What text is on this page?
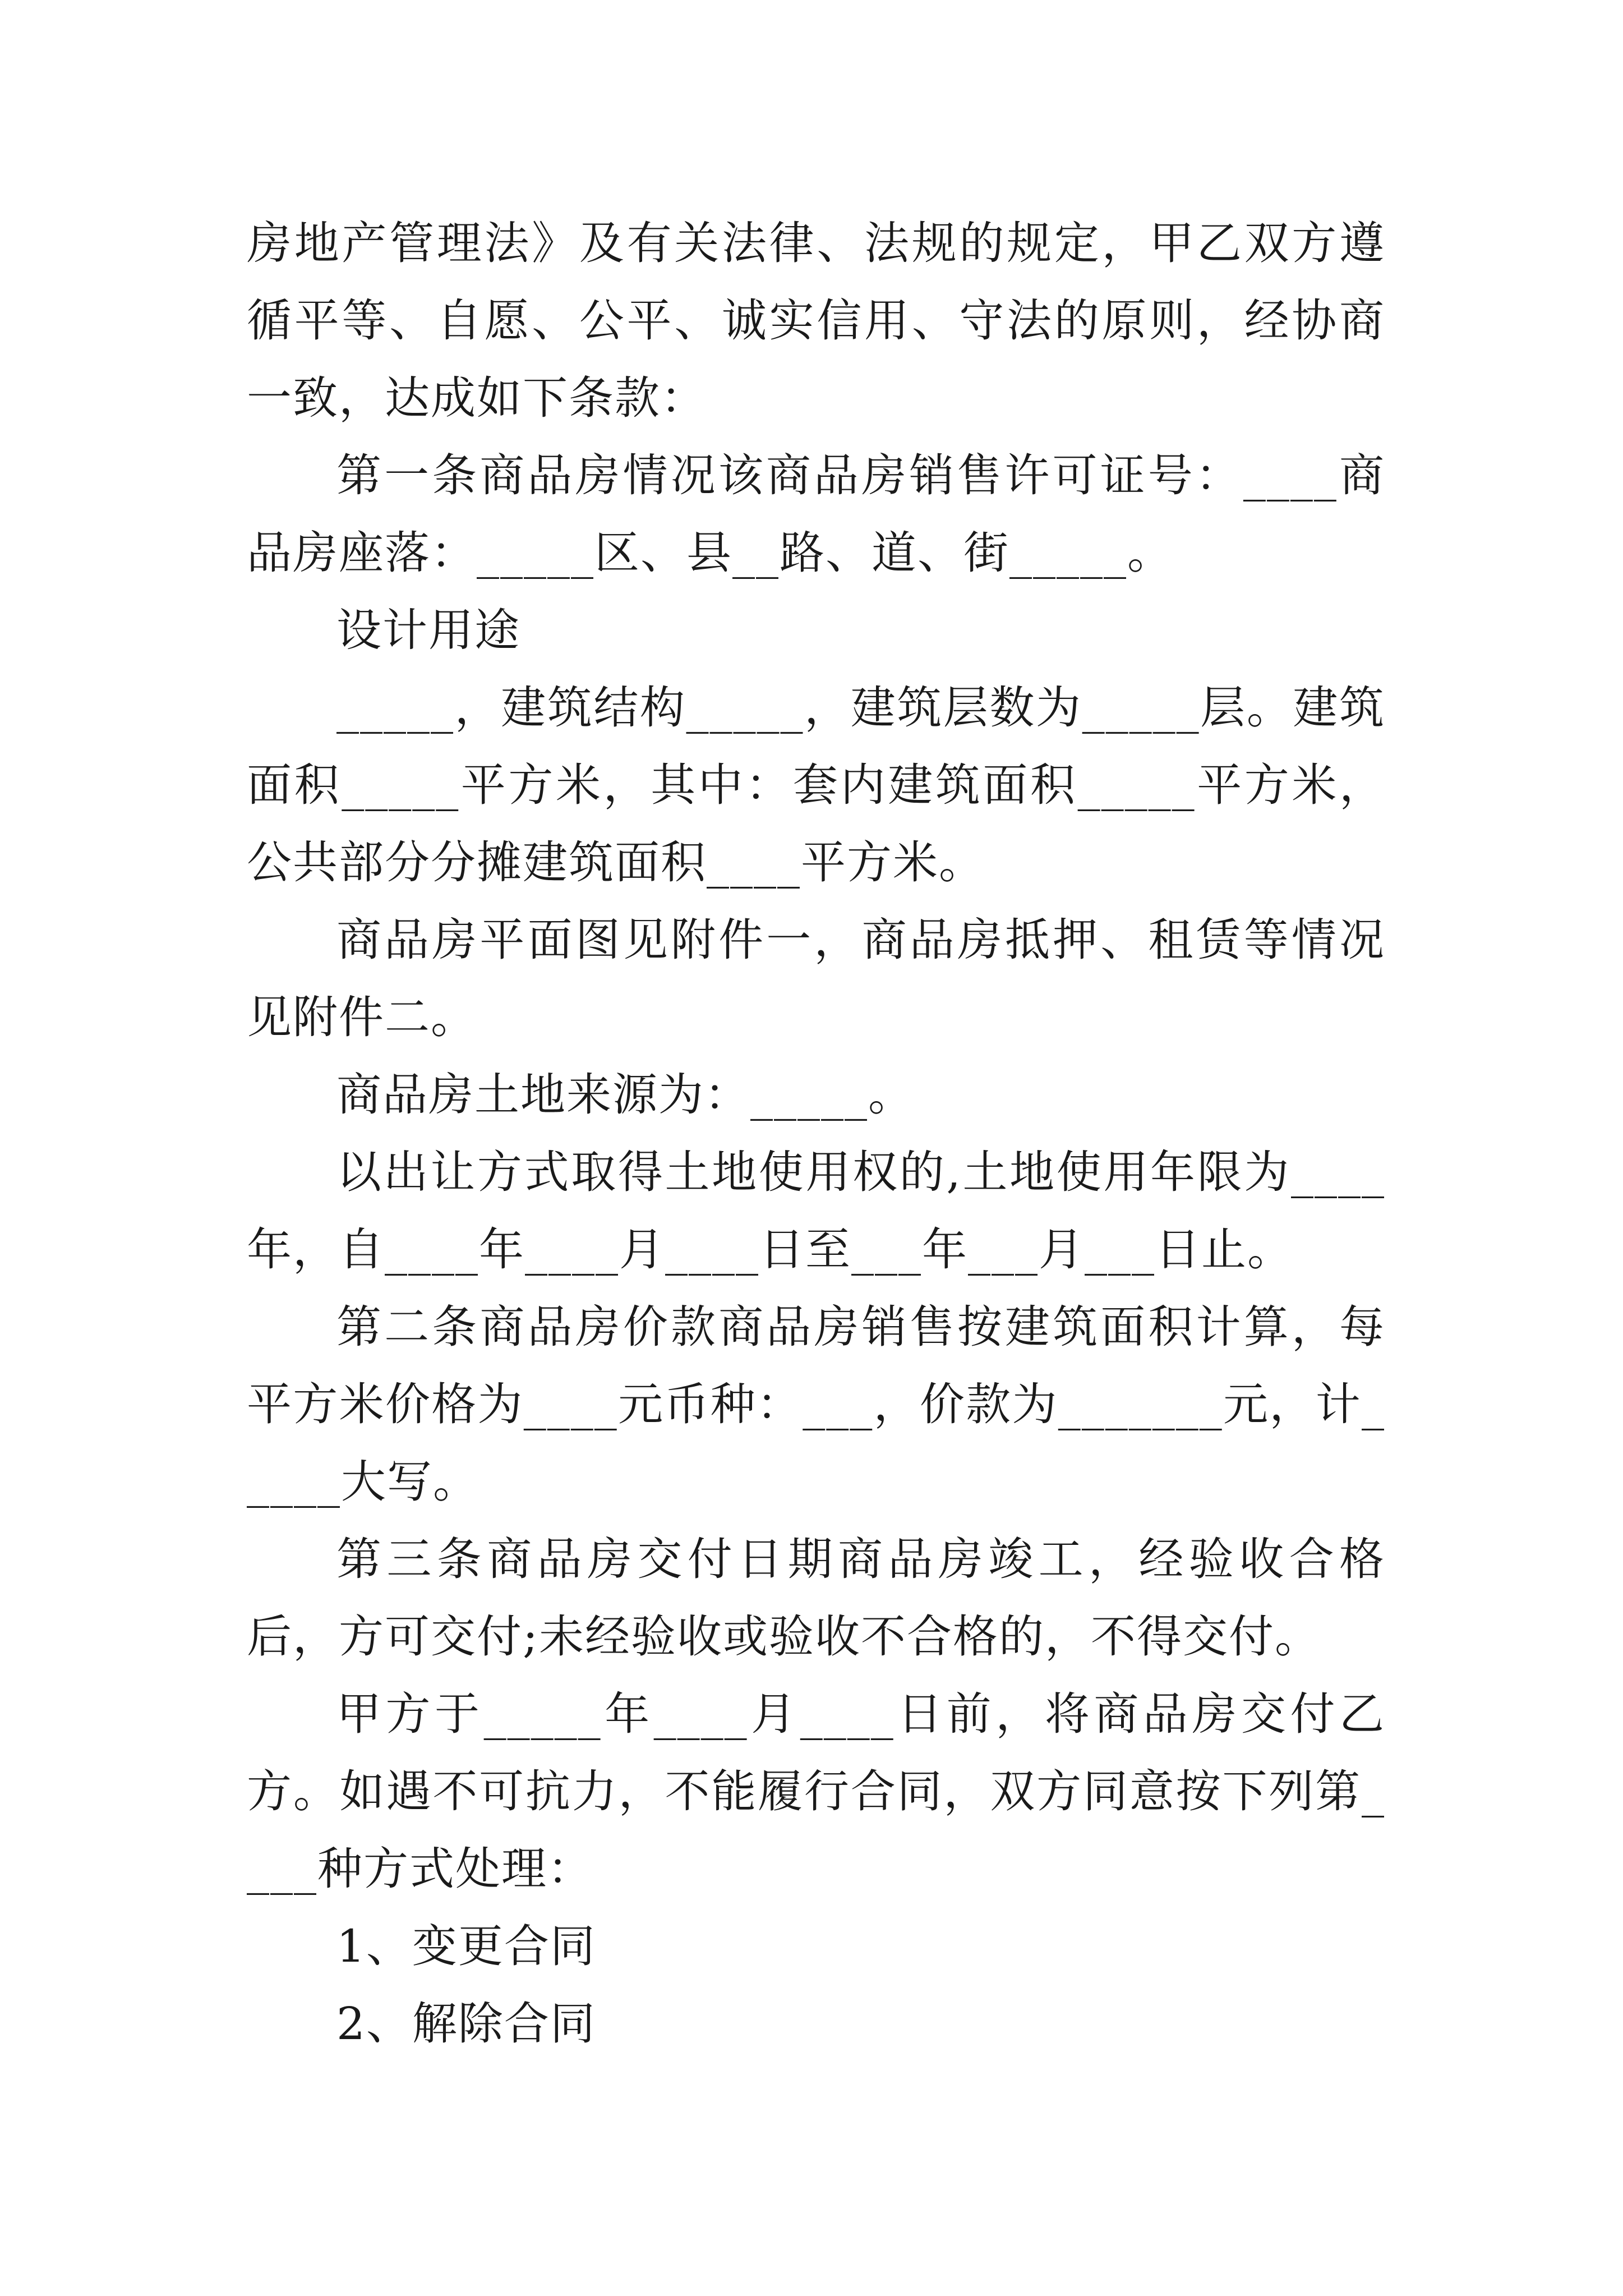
房地产管理法》及有关法律、法规的规定，甲乙双方遵循平等、自愿、公平、诚实信用、守法的原则，经协商一致，达成如下条款：

第一条商品房情况该商品房销售许可证号：____商品房座落：_____区、县__路、道、街_____。

设计用途

_____，建筑结构_____，建筑层数为_____层。建筑面积_____平方米，其中：套内建筑面积_____平方米，公共部分分摊建筑面积____平方米。

商品房平面图见附件一，商品房抵押、租赁等情况见附件二。

商品房土地来源为：_____。

以出让方式取得土地使用权的,土地使用年限为____年，自____年____月____日至___年___月___日止。

第二条商品房价款商品房销售按建筑面积计算，每平方米价格为____元币种：___，价款为_______元，计_____大写。

第三条商品房交付日期商品房竣工，经验收合格后，方可交付;未经验收或验收不合格的，不得交付。

甲方于_____年____月____日前，将商品房交付乙方。如遇不可抗力，不能履行合同，双方同意按下列第____种方式处理：

1、变更合同

2、解除合同
